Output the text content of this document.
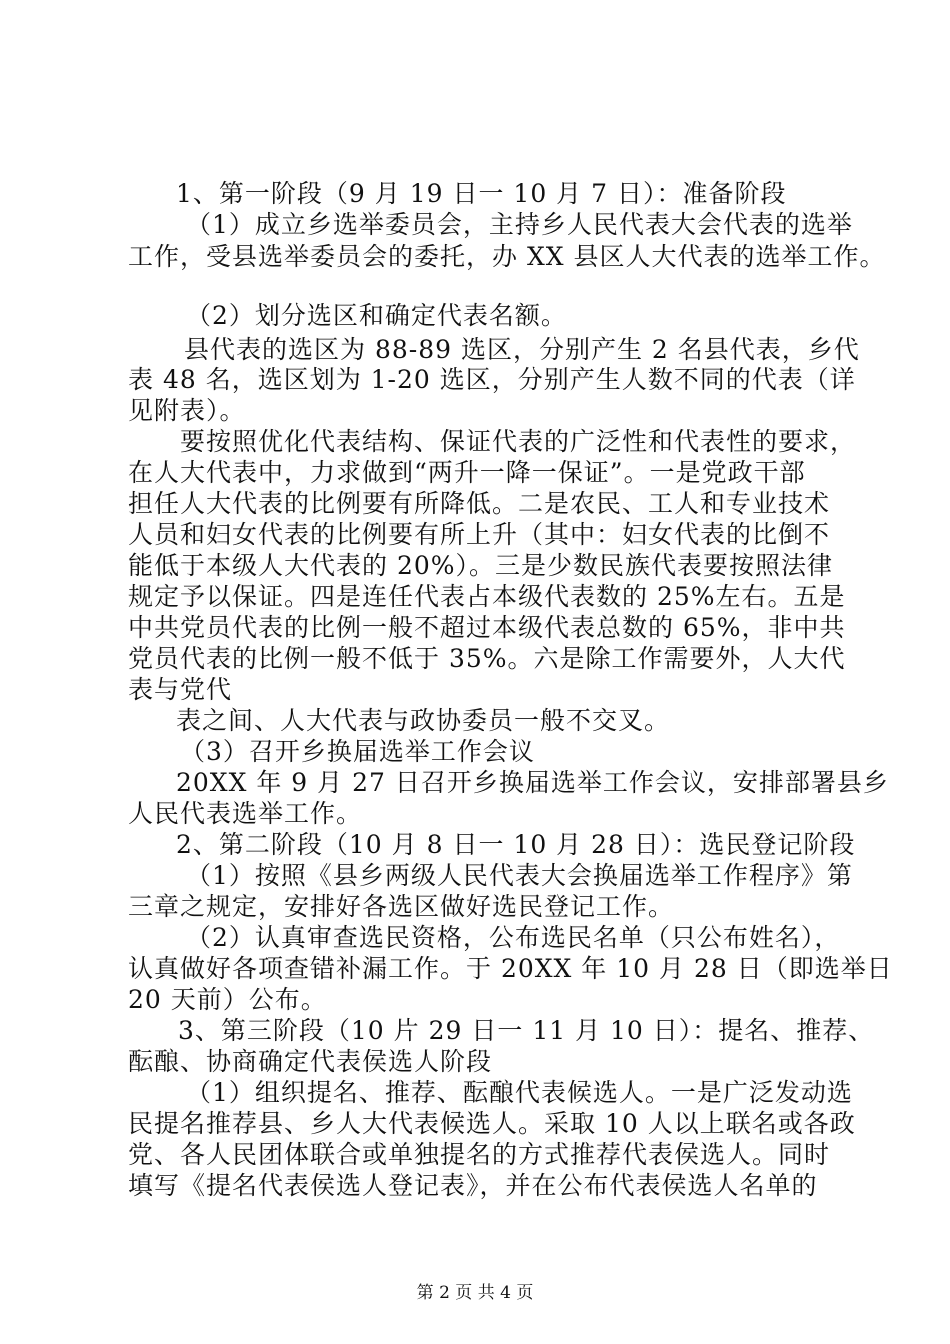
1、第一阶段（9 月 19 日一 10 月 7 日）：准备阶段
（1）成立乡选举委员会，主持乡人民代表大会代表的选举
工作，受县选举委员会的委托，办 XX 县区人大代表的选举工作。
（2）划分选区和确定代表名额。
县代表的选区为 88-89 选区，分别产生 2 名县代表，乡代
表 48 名，选区划为 1-20 选区，分别产生人数不同的代表（详
见附表）。
要按照优化代表结构、保证代表的广泛性和代表性的要求，
在人大代表中，力求做到“两升一降一保证”。一是党政干部
担任人大代表的比例要有所降低。二是农民、工人和专业技术
人员和妇女代表的比例要有所上升（其中：妇女代表的比倒不
能低于本级人大代表的 20%）。三是少数民族代表要按照法律
规定予以保证。四是连任代表占本级代表数的 25%左右。五是
中共党员代表的比例一般不超过本级代表总数的 65%，非中共
党员代表的比例一般不低于 35%。六是除工作需要外，人大代
表与党代
表之间、人大代表与政协委员一般不交叉。
（3）召开乡换届选举工作会议
20XX 年 9 月 27 日召开乡换届选举工作会议，安排部署县乡
人民代表选举工作。
2、第二阶段（10 月 8 日一 10 月 28 日）：选民登记阶段
（1）按照《县乡两级人民代表大会换届选举工作程序》第
三章之规定，安排好各选区做好选民登记工作。
（2）认真审查选民资格，公布选民名单（只公布姓名），
认真做好各项查错补漏工作。于 20XX 年 10 月 28 日（即选举日
20 天前）公布。
3、第三阶段（10 片 29 日一 11 月 10 日）：提名、推荐、
酝酿、协商确定代表侯选人阶段
（1）组织提名、推荐、酝酿代表候选人。一是广泛发动选
民提名推荐县、乡人大代表候选人。采取 10 人以上联名或各政
党、各人民团体联合或单独提名的方式推荐代表侯选人。同时
填写《提名代表侯选人登记表》，并在公布代表侯选人名单的
第 2 页 共 4 页
